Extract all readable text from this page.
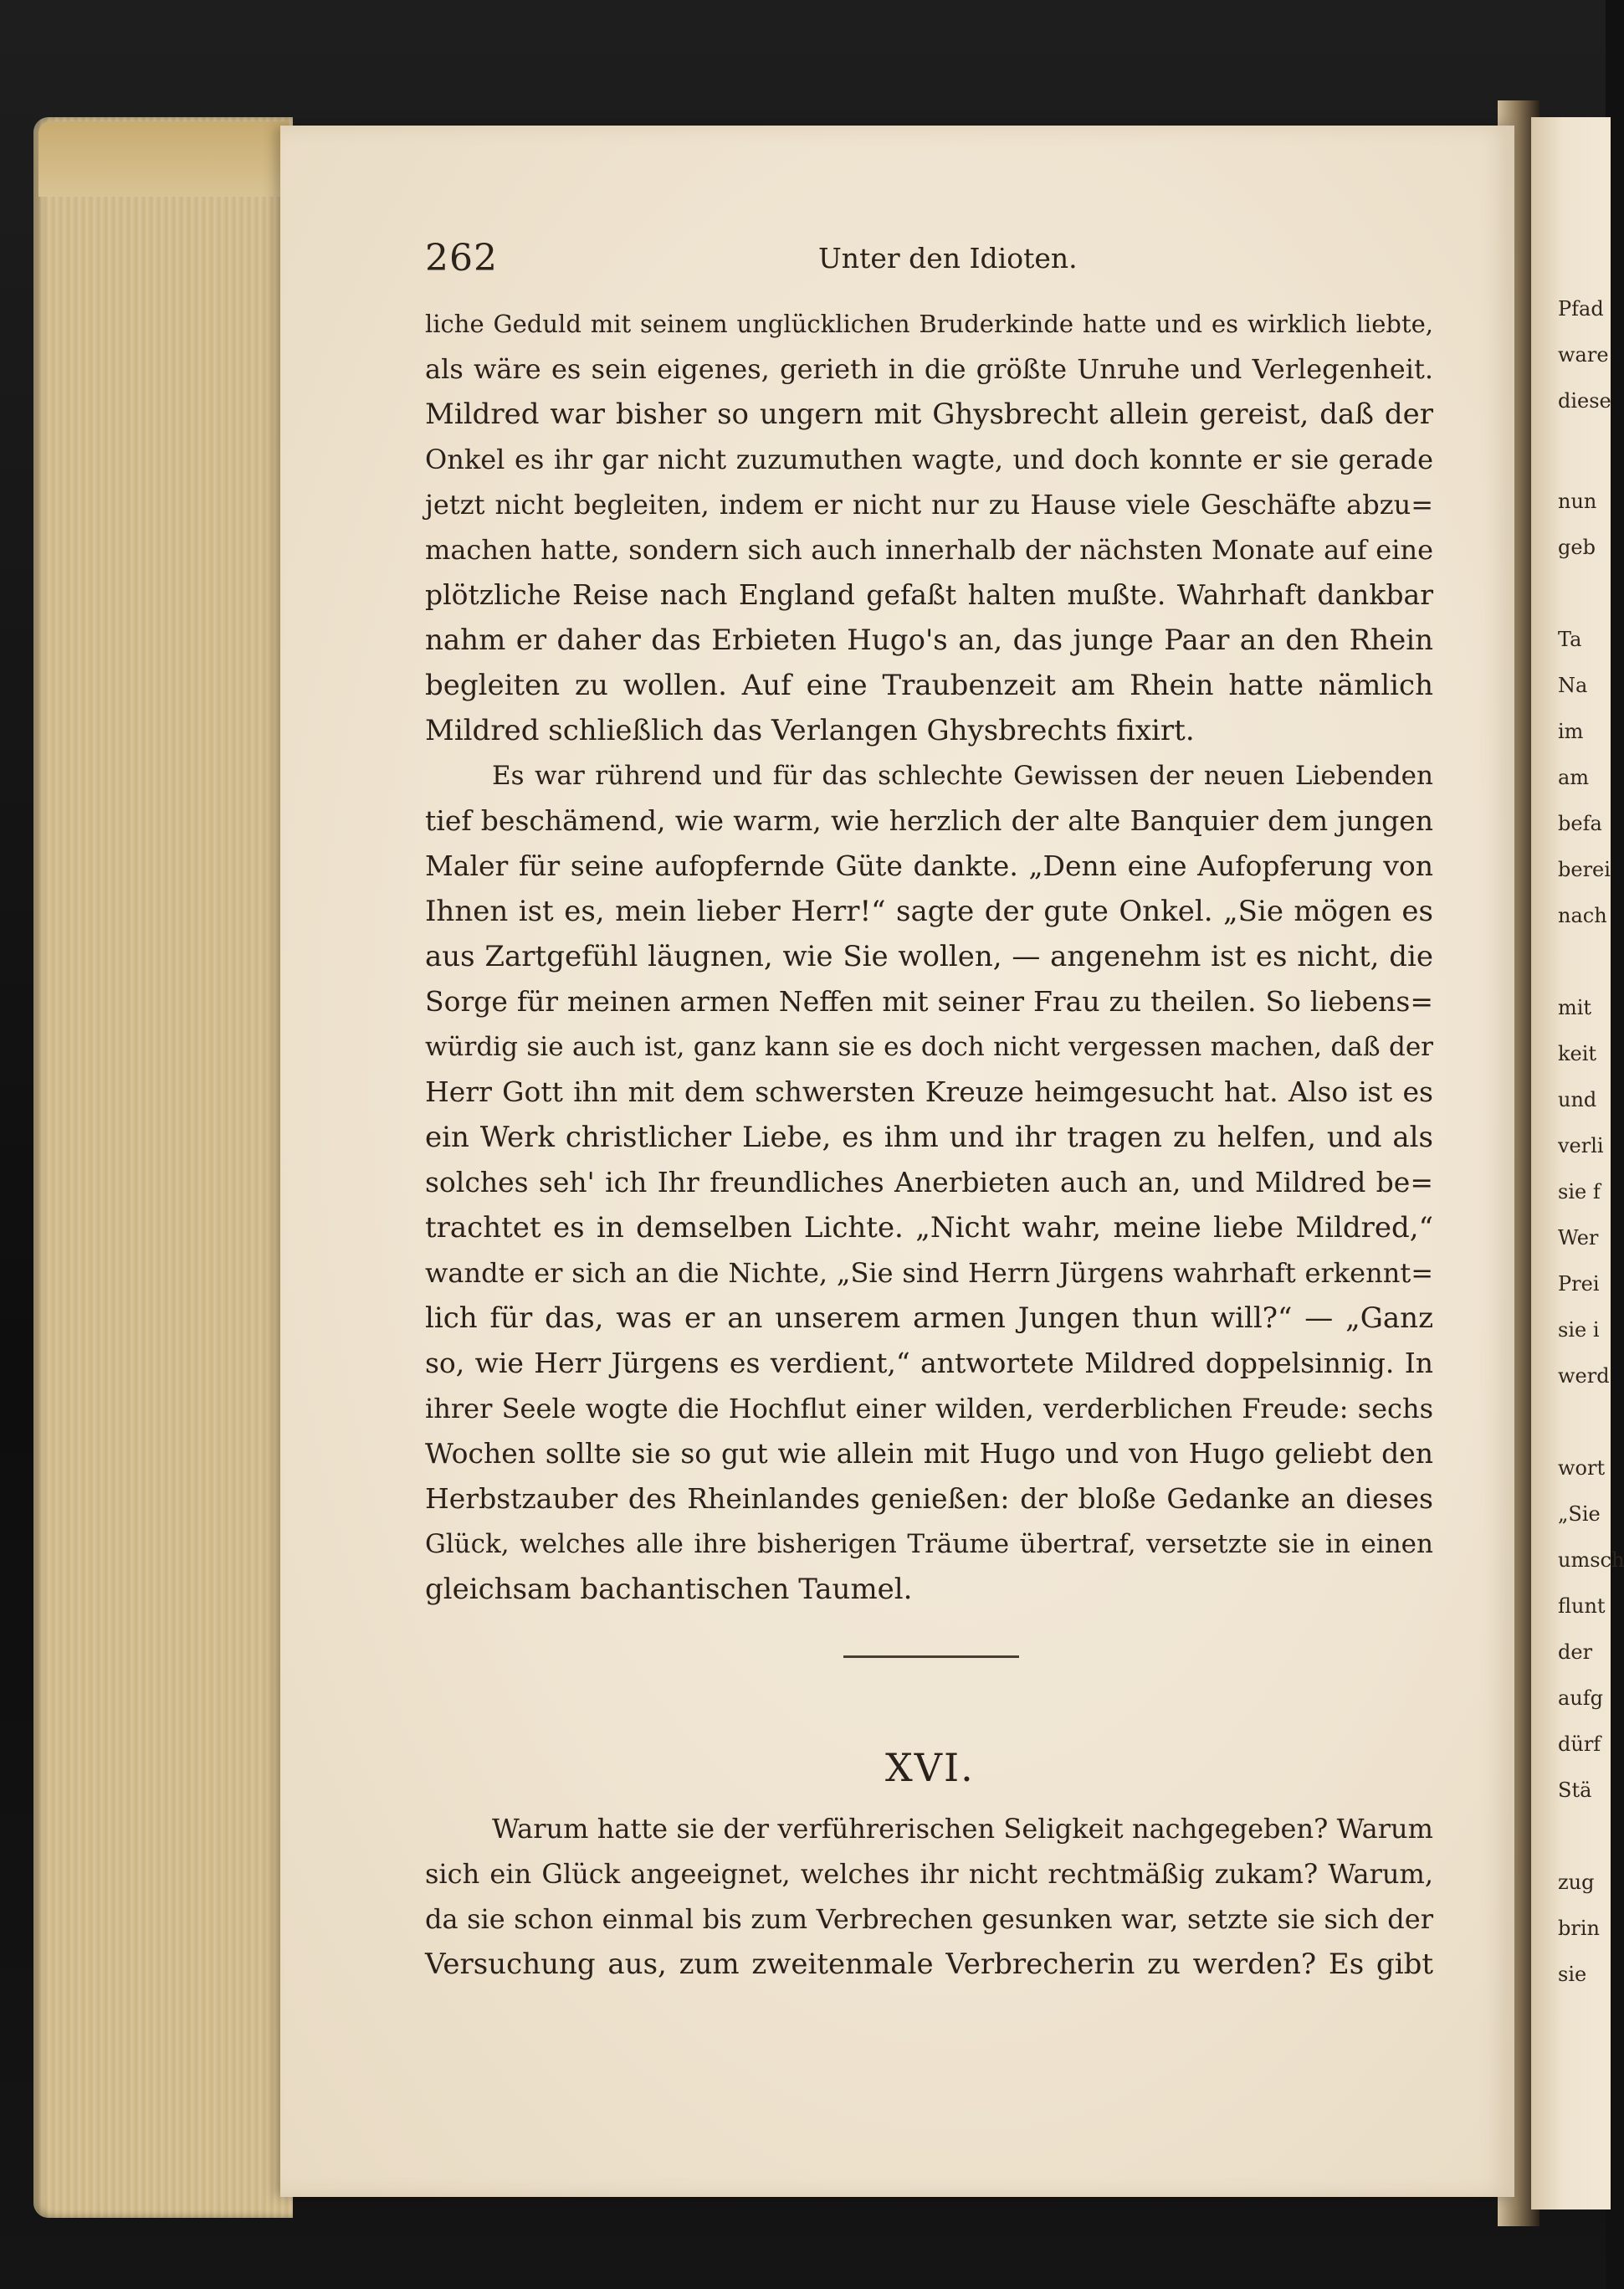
262	Unter den Idioten.
liche Geduld mit seinem unglücklichen Bruderkinde hatte und es wirklich liebte,
als wäre es sein eigenes, gerieth in die größte Unruhe und Verlegenheit.
Mildred war bisher so ungern mit Ghysbrecht allein gereist, daß der
Onkel es ihr gar nicht zuzumuthen wagte, und doch konnte er sie gerade
jetzt nicht begleiten, indem er nicht nur zu Hause viele Geschäfte abzu=
machen hatte, sondern sich auch innerhalb der nächsten Monate auf eine
plötzliche Reise nach England gefaßt halten mußte. Wahrhaft dankbar
nahm er daher das Erbieten Hugo's an, das junge Paar an den Rhein
begleiten zu wollen. Auf eine Traubenzeit am Rhein hatte nämlich
Mildred schließlich das Verlangen Ghysbrechts fixirt.
Es war rührend und für das schlechte Gewissen der neuen Liebenden
tief beschämend, wie warm, wie herzlich der alte Banquier dem jungen
Maler für seine aufopfernde Güte dankte. „Denn eine Aufopferung von
Ihnen ist es, mein lieber Herr!“ sagte der gute Onkel. „Sie mögen es
aus Zartgefühl läugnen, wie Sie wollen, — angenehm ist es nicht, die
Sorge für meinen armen Neffen mit seiner Frau zu theilen. So liebens=
würdig sie auch ist, ganz kann sie es doch nicht vergessen machen, daß der
Herr Gott ihn mit dem schwersten Kreuze heimgesucht hat. Also ist es
ein Werk christlicher Liebe, es ihm und ihr tragen zu helfen, und als
solches seh' ich Ihr freundliches Anerbieten auch an, und Mildred be=
trachtet es in demselben Lichte. „Nicht wahr, meine liebe Mildred,“
wandte er sich an die Nichte, „Sie sind Herrn Jürgens wahrhaft erkennt=
lich für das, was er an unserem armen Jungen thun will?“ — „Ganz
so, wie Herr Jürgens es verdient,“ antwortete Mildred doppelsinnig. In
ihrer Seele wogte die Hochflut einer wilden, verderblichen Freude: sechs
Wochen sollte sie so gut wie allein mit Hugo und von Hugo geliebt den
Herbstzauber des Rheinlandes genießen: der bloße Gedanke an dieses
Glück, welches alle ihre bisherigen Träume übertraf, versetzte sie in einen
gleichsam bachantischen Taumel.
XVI.
Warum hatte sie der verführerischen Seligkeit nachgegeben? Warum
sich ein Glück angeeignet, welches ihr nicht rechtmäßig zukam? Warum,
da sie schon einmal bis zum Verbrechen gesunken war, setzte sie sich der
Versuchung aus, zum zweitenmale Verbrecherin zu werden? Es gibt
Pfad
ware
diese
nun
geb
Ta
Na
im
am
befa
berei
nach
mit
keit
und
verli
sie f
Wer
Prei
sie i
werd
wort
„Sie
umsch
flunt
der
aufg
dürf
Stä
zug
brin
sie
